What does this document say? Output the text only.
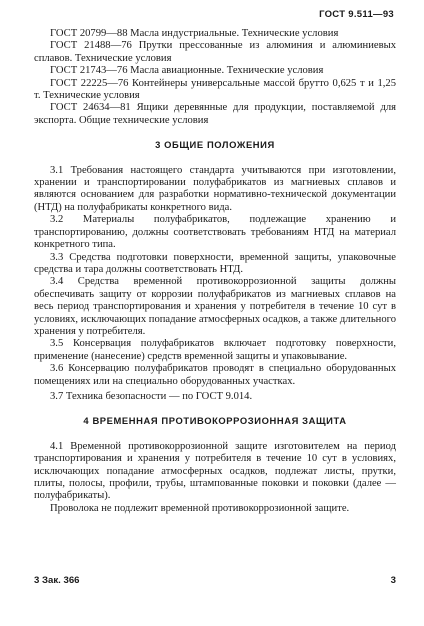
ГОСТ 9.511—93

ГОСТ 20799—88 Масла индустриальные. Технические условия

ГОСТ 21488—76 Прутки прессованные из алюминия и алюминиевых сплавов. Технические условия

ГОСТ 21743—76 Масла авиационные. Технические условия

ГОСТ 22225—76 Контейнеры универсальные массой брутто 0,625 т и 1,25 т. Технические условия

ГОСТ 24634—81 Ящики деревянные для продукции, поставляемой для экспорта. Общие технические условия

3 ОБЩИЕ ПОЛОЖЕНИЯ

3.1 Требования настоящего стандарта учитываются при изготовлении, хранении и транспортировании полуфабрикатов из магниевых сплавов и являются основанием для разработки нормативно-технической документации (НТД) на полуфабрикаты конкретного вида.

3.2 Материалы полуфабрикатов, подлежащие хранению и транспортированию, должны соответствовать требованиям НТД на материал конкретного типа.

3.3 Средства подготовки поверхности, временной защиты, упаковочные средства и тара должны соответствовать НТД.

3.4 Средства временной противокоррозионной защиты должны обеспечивать защиту от коррозии полуфабрикатов из магниевых сплавов на весь период транспортирования и хранения у потребителя в течение 10 сут в условиях, исключающих попадание атмосферных осадков, а также длительного хранения у потребителя.

3.5 Консервация полуфабрикатов включает подготовку поверхности, применение (нанесение) средств временной защиты и упаковывание.

3.6 Консервацию полуфабрикатов проводят в специально оборудованных помещениях или на специально оборудованных участках.

3.7 Техника безопасности — по ГОСТ 9.014.

4 ВРЕМЕННАЯ ПРОТИВОКОРРОЗИОННАЯ ЗАЩИТА

4.1 Временной противокоррозионной защите изготовителем на период транспортирования и хранения у потребителя в течение 10 сут в условиях, исключающих попадание атмосферных осадков, подлежат листы, прутки, плиты, полосы, профили, трубы, штампованные поковки и поковки (далее — полуфабрикаты).

Проволока не подлежит временной противокоррозионной защите.

3 Зак. 366	3
